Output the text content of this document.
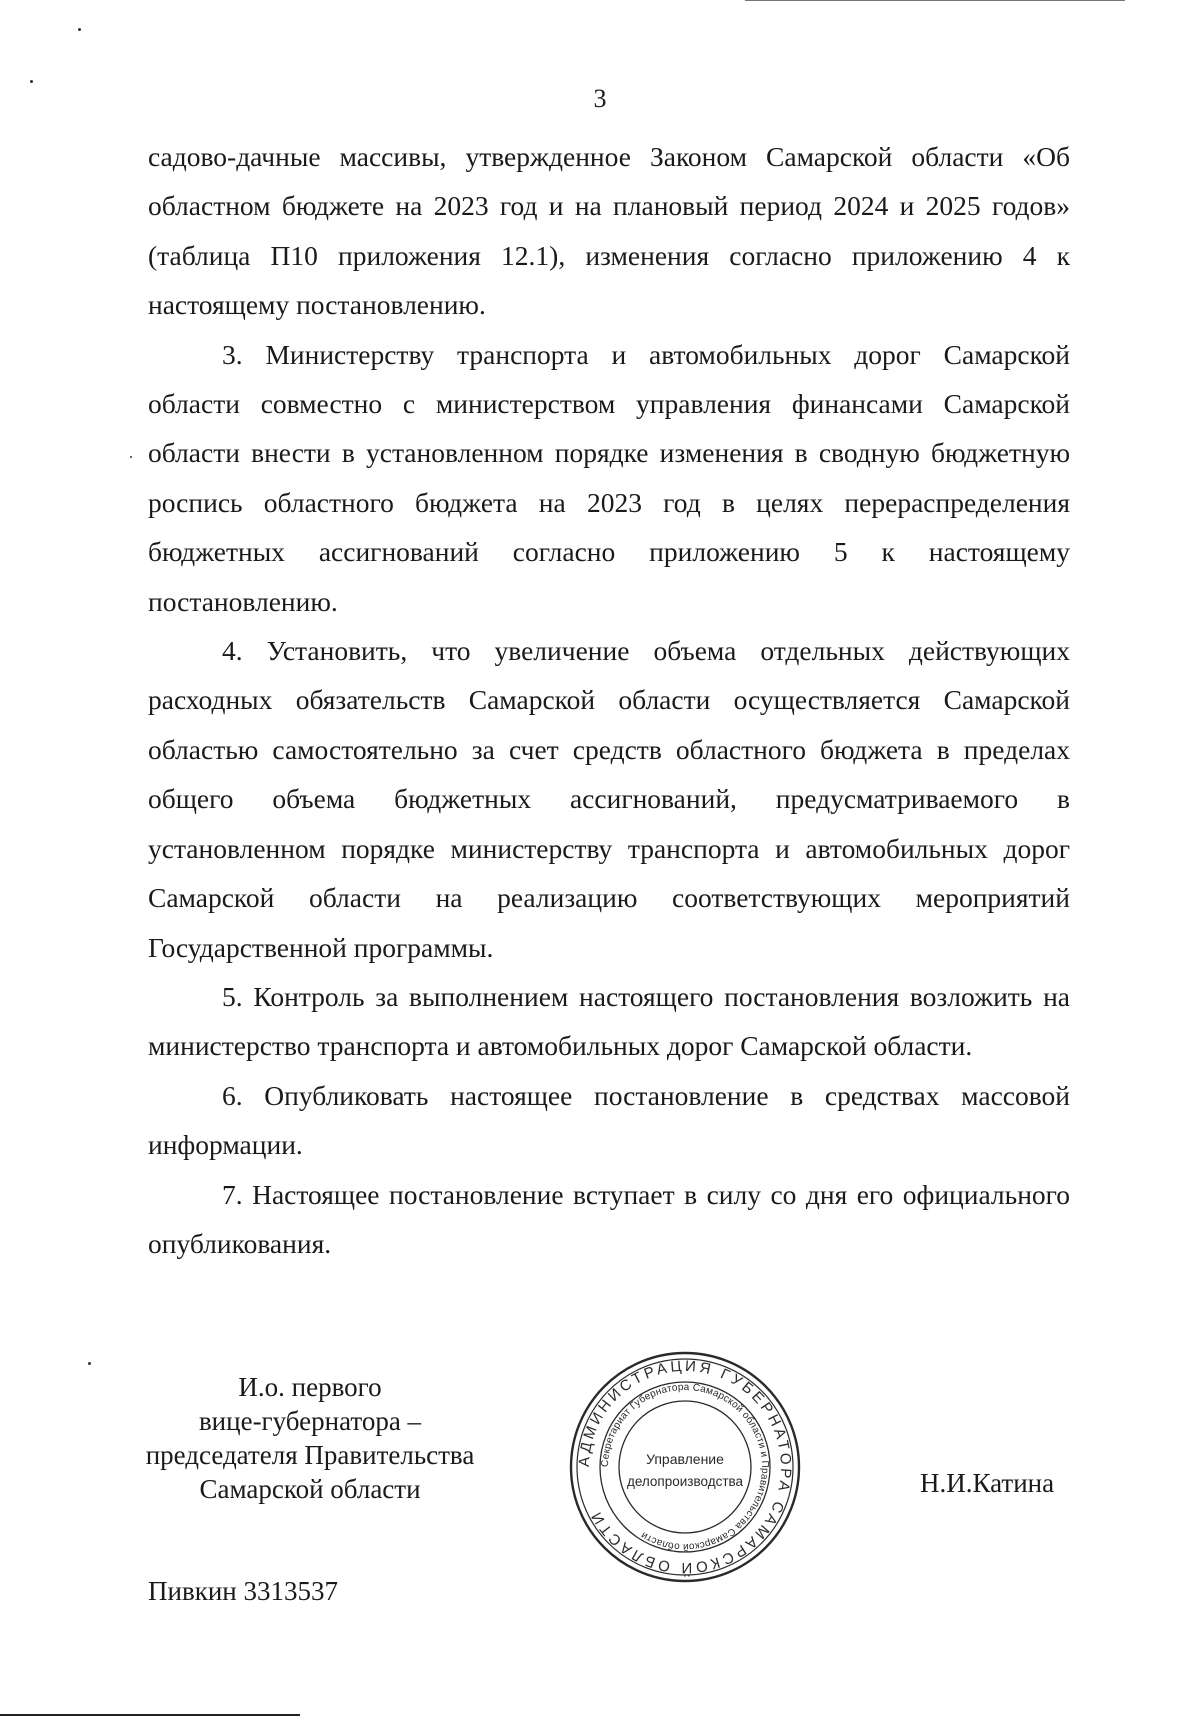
3

садово-дачные массивы, утвержденное Законом Самарской области «Об областном бюджете на 2023 год и на плановый период 2024 и 2025 годов» (таблица П10 приложения 12.1), изменения согласно приложению 4 к настоящему постановлению.

3. Министерству транспорта и автомобильных дорог Самарской области совместно с министерством управления финансами Самарской области внести в установленном порядке изменения в сводную бюджетную роспись областного бюджета на 2023 год в целях перераспределения бюджетных ассигнований согласно приложению 5 к настоящему постановлению.

4. Установить, что увеличение объема отдельных действующих расходных обязательств Самарской области осуществляется Самарской областью самостоятельно за счет средств областного бюджета в пределах общего объема бюджетных ассигнований, предусматриваемого в установленном порядке министерству транспорта и автомобильных дорог Самарской области на реализацию соответствующих мероприятий Государственной программы.

5. Контроль за выполнением настоящего постановления возложить на министерство транспорта и автомобильных дорог Самарской области.

6. Опубликовать настоящее постановление в средствах массовой информации.

7. Настоящее постановление вступает в силу со дня его официального опубликования.

И.о. первого
вице-губернатора –
председателя Правительства
Самарской области
АДМИНИСТРАЦИЯ ГУБЕРНАТОРА САМАРСКОЙ ОБЛАСТИ
Секретариат Губернатора Самарской области и Правительства Самарской области
Управление
делопроизводства	Н.И.Катина
Пивкин 3313537
